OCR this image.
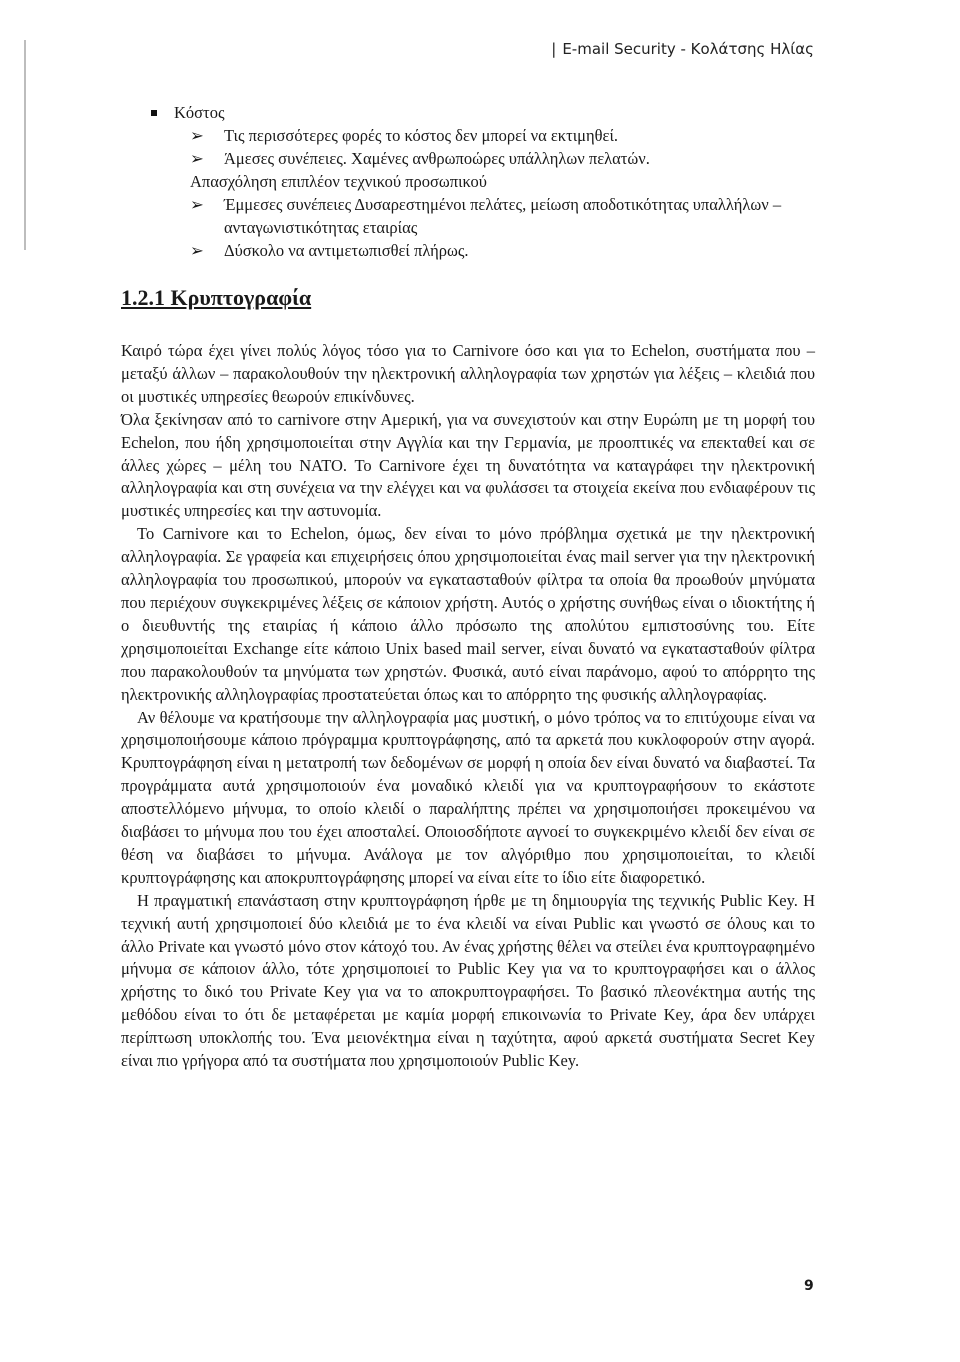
| E-mail Security - Κολάτσης Ηλίας
Κόστος
➢	Τις περισσότερες φορές το κόστος δεν μπορεί να εκτιμηθεί.
➢	Άμεσες συνέπειες. Χαμένες ανθρωποώρες υπάλληλων πελατών.
Απασχόληση επιπλέον τεχνικού προσωπικού
➢	Έμμεσες συνέπειες Δυσαρεστημένοι πελάτες, μείωση αποδοτικότητας υπαλλήλων – ανταγωνιστικότητας εταιρίας
➢	Δύσκολο να αντιμετωπισθεί πλήρως.
1.2.1 Κρυπτογραφία

Καιρό τώρα έχει γίνει πολύς λόγος τόσο για το Carnivore όσο και για το Echelon, συστήματα που – μεταξύ άλλων – παρακολουθούν την ηλεκτρονική αλληλογραφία των χρηστών για λέξεις – κλειδιά που οι μυστικές υπηρεσίες θεωρούν επικίνδυνες.

Όλα ξεκίνησαν από το carnivore στην Αμερική, για να συνεχιστούν και στην Ευρώπη με τη μορφή του Echelon, που ήδη χρησιμοποιείται στην Αγγλία και την Γερμανία, με προοπτικές να επεκταθεί και σε άλλες χώρες – μέλη του NATO. Το Carnivore έχει τη δυνατότητα να καταγράφει την ηλεκτρονική αλληλογραφία και στη συνέχεια να την ελέγχει και να φυλάσσει τα στοιχεία εκείνα που ενδιαφέρουν τις μυστικές υπηρεσίες και την αστυνομία.

Το Carnivore και το Echelon, όμως, δεν είναι το μόνο πρόβλημα σχετικά με την ηλεκτρονική αλληλογραφία. Σε γραφεία και επιχειρήσεις όπου χρησιμοποιείται ένας mail server για την ηλεκτρονική αλληλογραφία του προσωπικού, μπορούν να εγκατασταθούν φίλτρα τα οποία θα προωθούν μηνύματα που περιέχουν συγκεκριμένες λέξεις σε κάποιον χρήστη. Αυτός ο χρήστης συνήθως είναι ο ιδιοκτήτης ή ο διευθυντής της εταιρίας ή κάποιο άλλο πρόσωπο της απολύτου εμπιστοσύνης του. Είτε χρησιμοποιείται Exchange είτε κάποιο Unix based mail server, είναι δυνατό να εγκατασταθούν φίλτρα που παρακολουθούν τα μηνύματα των χρηστών. Φυσικά, αυτό είναι παράνομο, αφού το απόρρητο της ηλεκτρονικής αλληλογραφίας προστατεύεται όπως και το απόρρητο της φυσικής αλληλογραφίας.

Αν θέλουμε να κρατήσουμε την αλληλογραφία μας μυστική, ο μόνο τρόπος να το επιτύχουμε είναι να χρησιμοποιήσουμε κάποιο πρόγραμμα κρυπτογράφησης, από τα αρκετά που κυκλοφορούν στην αγορά. Κρυπτογράφηση είναι η μετατροπή των δεδομένων σε μορφή η οποία δεν είναι δυνατό να διαβαστεί. Τα προγράμματα αυτά χρησιμοποιούν ένα μοναδικό κλειδί για να κρυπτογραφήσουν το εκάστοτε αποστελλόμενο μήνυμα, το οποίο κλειδί ο παραλήπτης πρέπει να χρησιμοποιήσει προκειμένου να διαβάσει το μήνυμα που του έχει αποσταλεί. Οποιοσδήποτε αγνοεί το συγκεκριμένο κλειδί δεν είναι σε θέση να διαβάσει το μήνυμα. Ανάλογα με τον αλγόριθμο που χρησιμοποιείται, το κλειδί κρυπτογράφησης και αποκρυπτογράφησης μπορεί να είναι είτε το ίδιο είτε διαφορετικό.

Η πραγματική επανάσταση στην κρυπτογράφηση ήρθε με τη δημιουργία της τεχνικής Public Key. Η τεχνική αυτή χρησιμοποιεί δύο κλειδιά με το ένα κλειδί να είναι Public και γνωστό σε όλους και το άλλο Private και γνωστό μόνο στον κάτοχό του. Αν ένας χρήστης θέλει να στείλει ένα κρυπτογραφημένο μήνυμα σε κάποιον άλλο, τότε χρησιμοποιεί το Public Key για να το κρυπτογραφήσει και ο άλλος χρήστης το δικό του Private Key για να το αποκρυπτογραφήσει. Το βασικό πλεονέκτημα αυτής της μεθόδου είναι το ότι δε μεταφέρεται με καμία μορφή επικοινωνία το Private Key, άρα δεν υπάρχει περίπτωση υποκλοπής του. Ένα μειονέκτημα είναι η ταχύτητα, αφού αρκετά συστήματα Secret Key είναι πιο γρήγορα από τα συστήματα που χρησιμοποιούν Public Key.

9
